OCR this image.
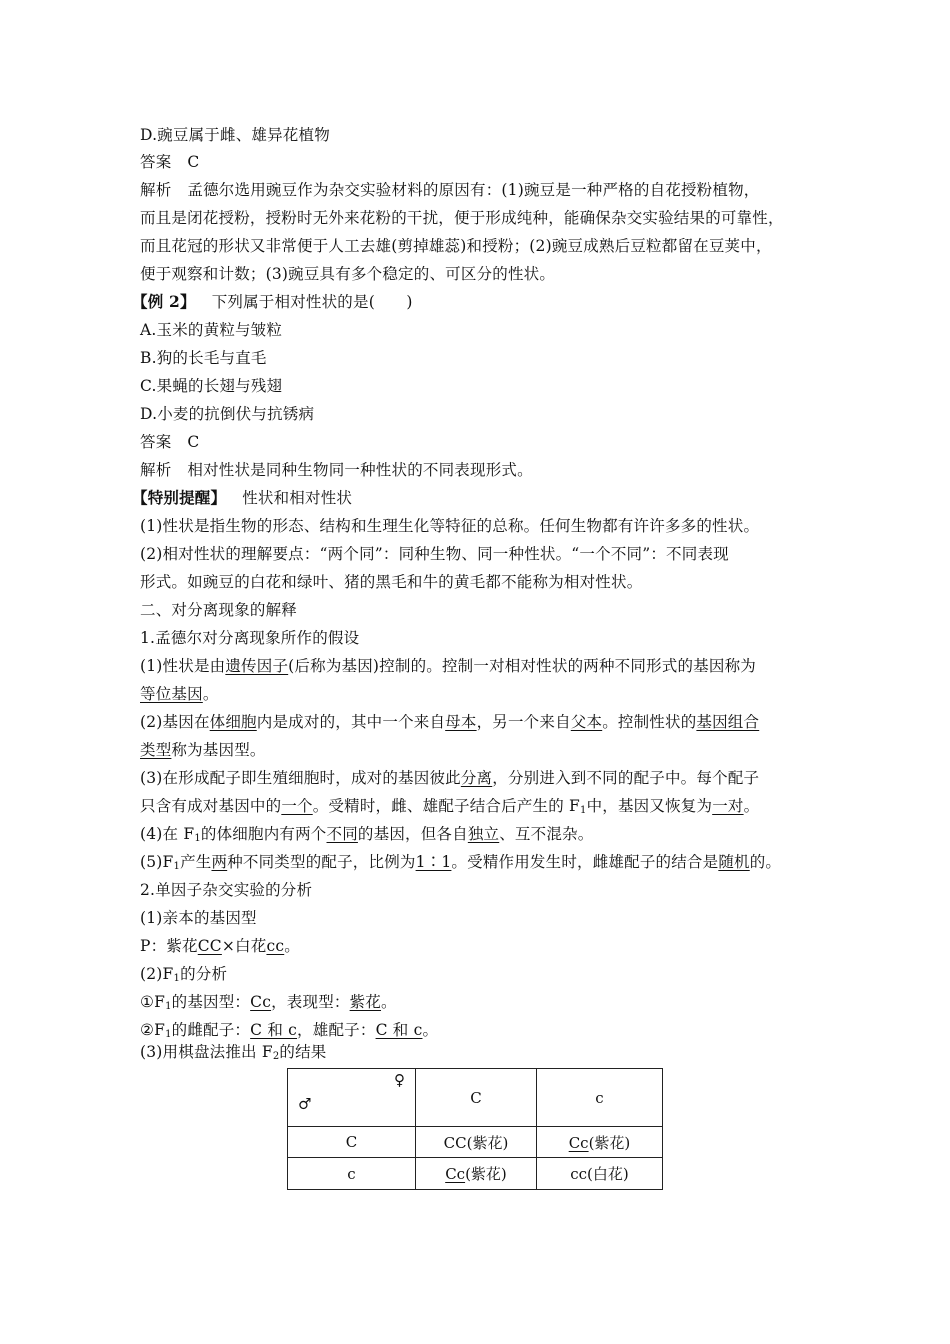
D.豌豆属于雌、雄异花植物
答案 C
解析 孟德尔选用豌豆作为杂交实验材料的原因有：(1)豌豆是一种严格的自花授粉植物，
而且是闭花授粉，授粉时无外来花粉的干扰，便于形成纯种，能确保杂交实验结果的可靠性，
而且花冠的形状又非常便于人工去雄(剪掉雄蕊)和授粉；(2)豌豆成熟后豆粒都留在豆荚中，
便于观察和计数；(3)豌豆具有多个稳定的、可区分的性状。
【例 2】 下列属于相对性状的是(　　)
A.玉米的黄粒与皱粒
B.狗的长毛与直毛
C.果蝇的长翅与残翅
D.小麦的抗倒伏与抗锈病
答案 C
解析 相对性状是同种生物同一种性状的不同表现形式。
【特别提醒】 性状和相对性状
(1)性状是指生物的形态、结构和生理生化等特征的总称。任何生物都有许许多多的性状。
(2)相对性状的理解要点：“两个同”：同种生物、同一种性状。“一个不同”：不同表现
形式。如豌豆的白花和绿叶、猪的黑毛和牛的黄毛都不能称为相对性状。
二、对分离现象的解释
1.孟德尔对分离现象所作的假设
(1)性状是由遗传因子(后称为基因)控制的。控制一对相对性状的两种不同形式的基因称为
等位基因。
(2)基因在体细胞内是成对的，其中一个来自母本，另一个来自父本。控制性状的基因组合
类型称为基因型。
(3)在形成配子即生殖细胞时，成对的基因彼此分离，分别进入到不同的配子中。每个配子
只含有成对基因中的一个。受精时，雌、雄配子结合后产生的 $F_1$中，基因又恢复为一对。
(4)在 $F_1$的体细胞内有两个不同的基因，但各自独立、互不混杂。
$(5)F_1$产生两种不同类型的配子，比例为1∶1。受精作用发生时，雌雄配子的结合是随机的。
2.单因子杂交实验的分析
(1)亲本的基因型
P：紫花CC×白花cc。
$(2)F_1$的分析
$①F_1$的基因型：Cc，表现型：紫花。
$②F_1$的雌配子：C 和 c，雄配子：C 和 c。
(3)用棋盘法推出 $F_2$的结果
♀
♂	C	c
C	CC(紫花)	Cc(紫花)
c	Cc(紫花)	cc(白花)
